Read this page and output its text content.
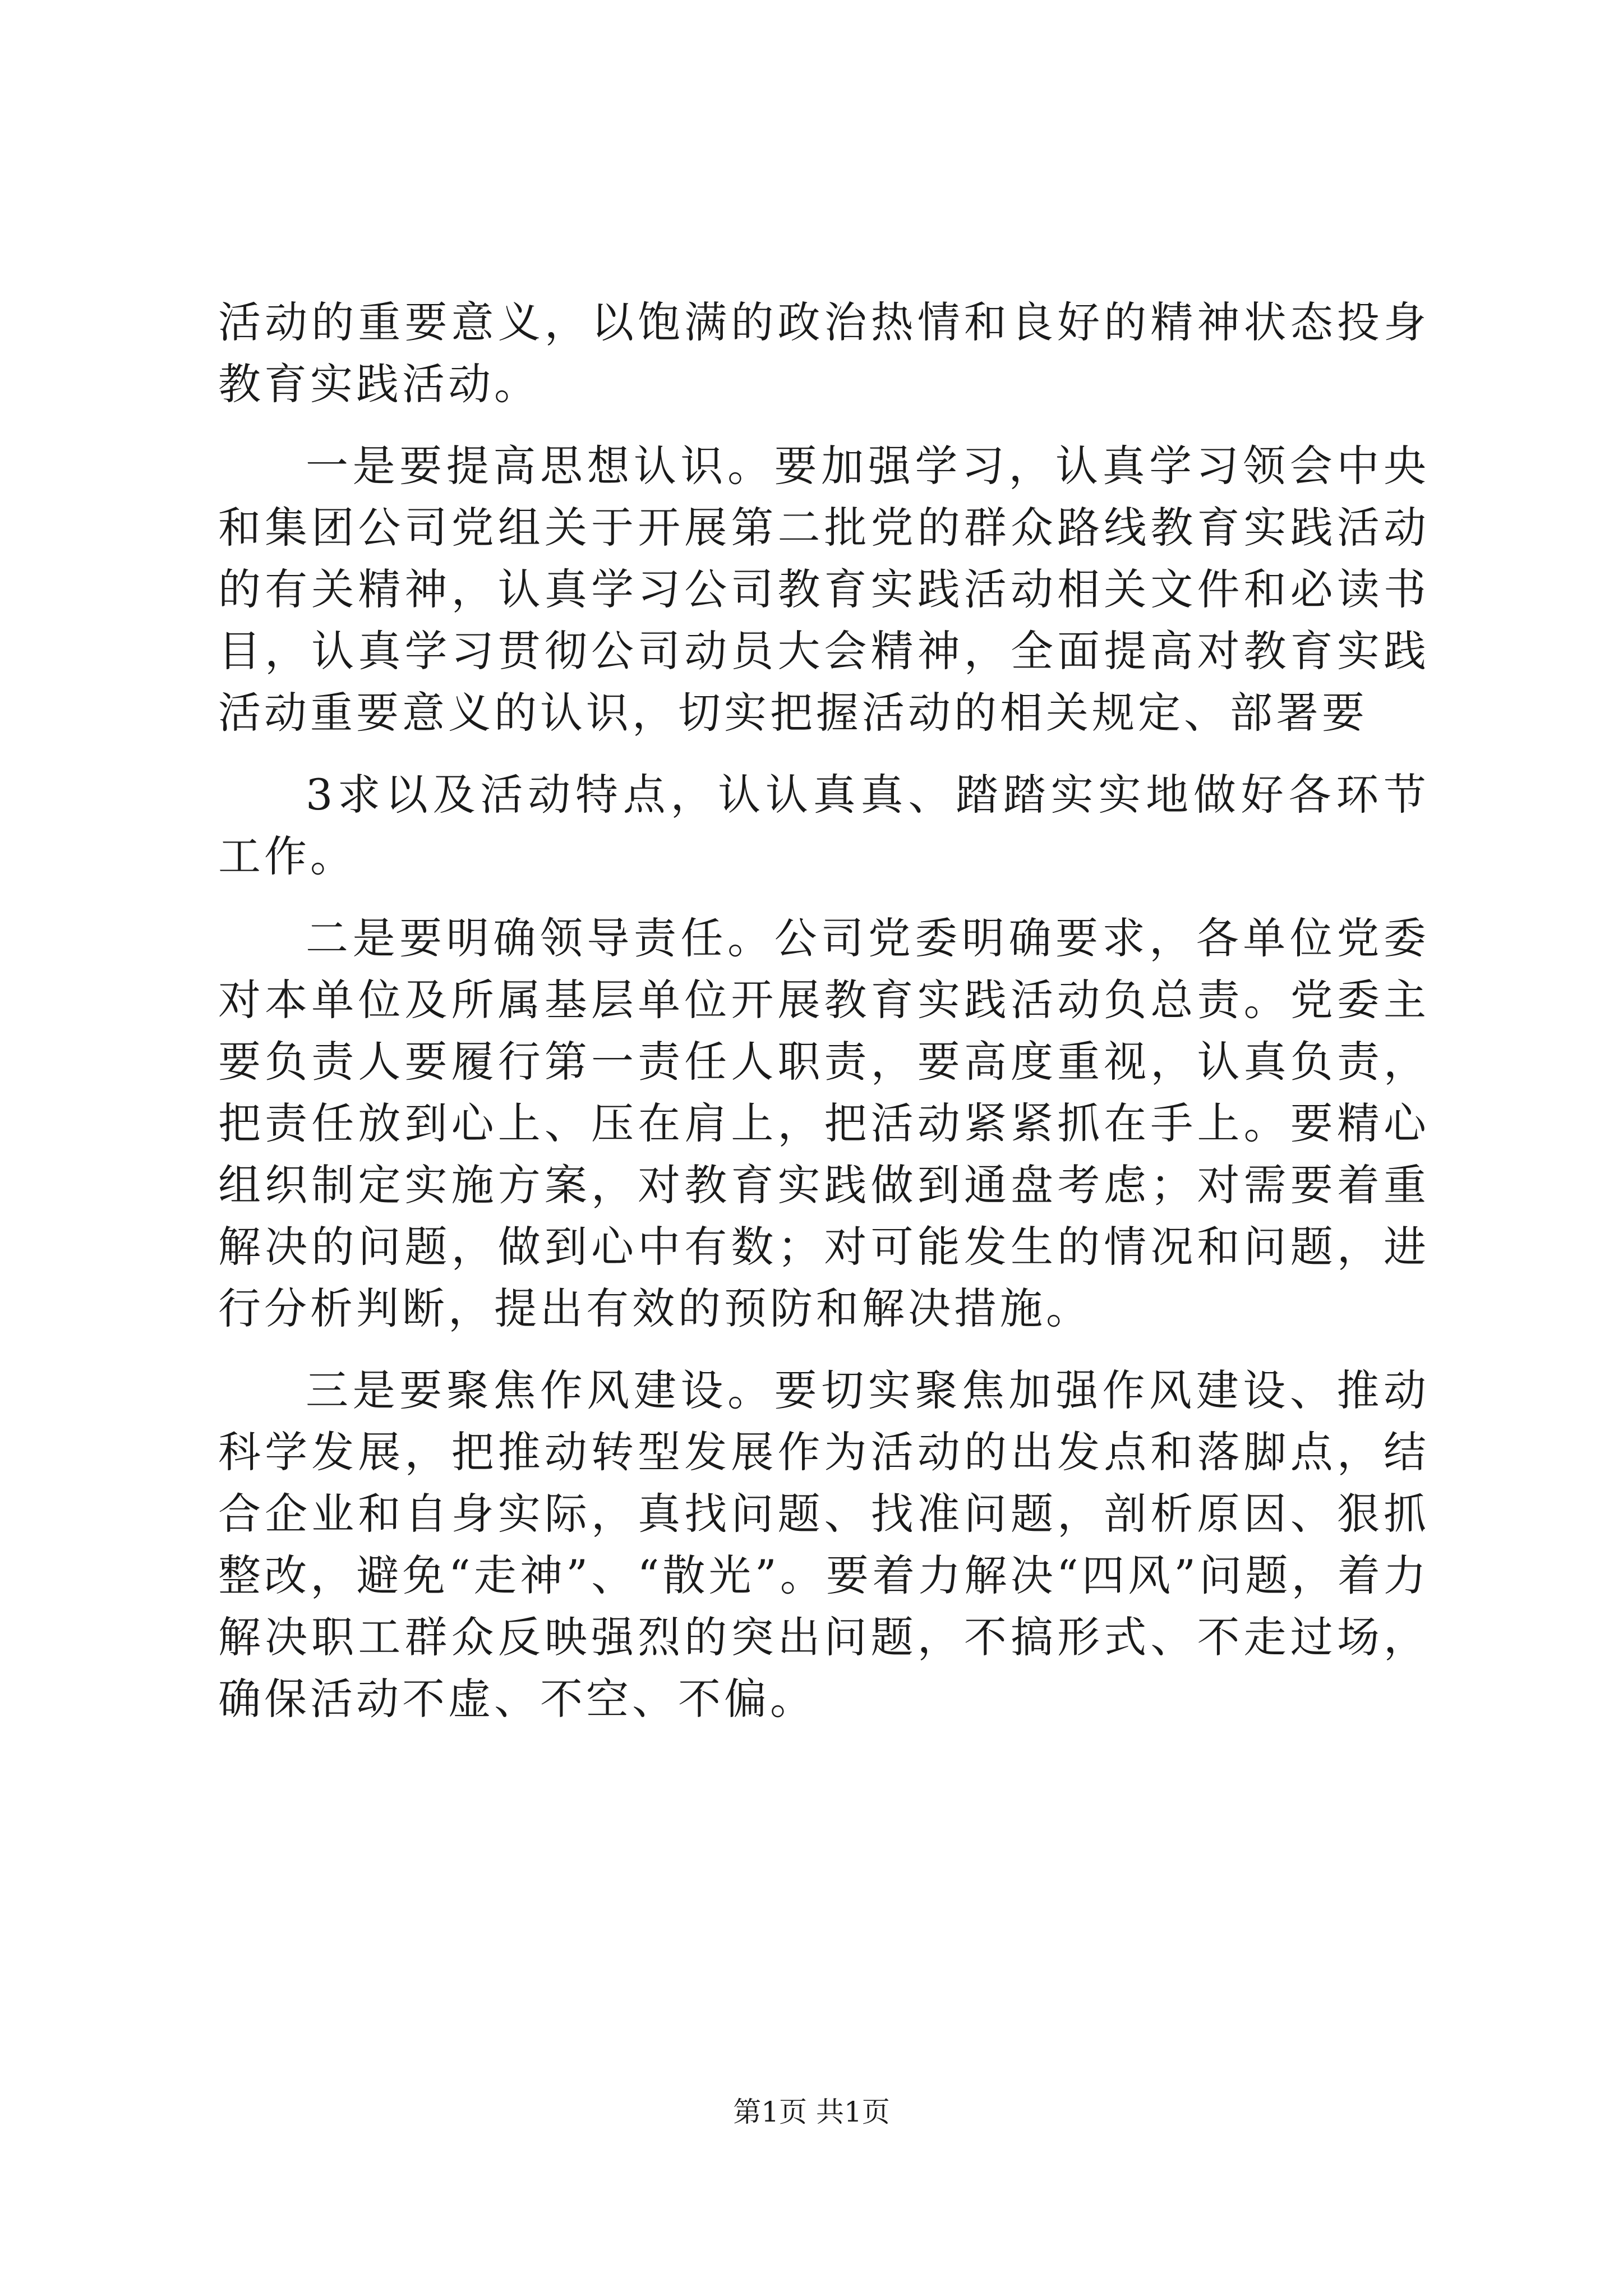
活动的重要意义，以饱满的政治热情和良好的精神状态投身教育实践活动。

一是要提高思想认识。要加强学习，认真学习领会中央和集团公司党组关于开展第二批党的群众路线教育实践活动的有关精神，认真学习公司教育实践活动相关文件和必读书目，认真学习贯彻公司动员大会精神，全面提高对教育实践活动重要意义的认识，切实把握活动的相关规定、部署要

3求以及活动特点，认认真真、踏踏实实地做好各环节工作。

二是要明确领导责任。公司党委明确要求，各单位党委对本单位及所属基层单位开展教育实践活动负总责。党委主要负责人要履行第一责任人职责，要高度重视，认真负责，把责任放到心上、压在肩上，把活动紧紧抓在手上。要精心组织制定实施方案，对教育实践做到通盘考虑；对需要着重解决的问题，做到心中有数；对可能发生的情况和问题，进行分析判断，提出有效的预防和解决措施。

三是要聚焦作风建设。要切实聚焦加强作风建设、推动科学发展，把推动转型发展作为活动的出发点和落脚点，结合企业和自身实际，真找问题、找准问题，剖析原因、狠抓整改，避免“走神”、“散光”。要着力解决“四风”问题，着力解决职工群众反映强烈的突出问题，不搞形式、不走过场，确保活动不虚、不空、不偏。

第1页 共1页
